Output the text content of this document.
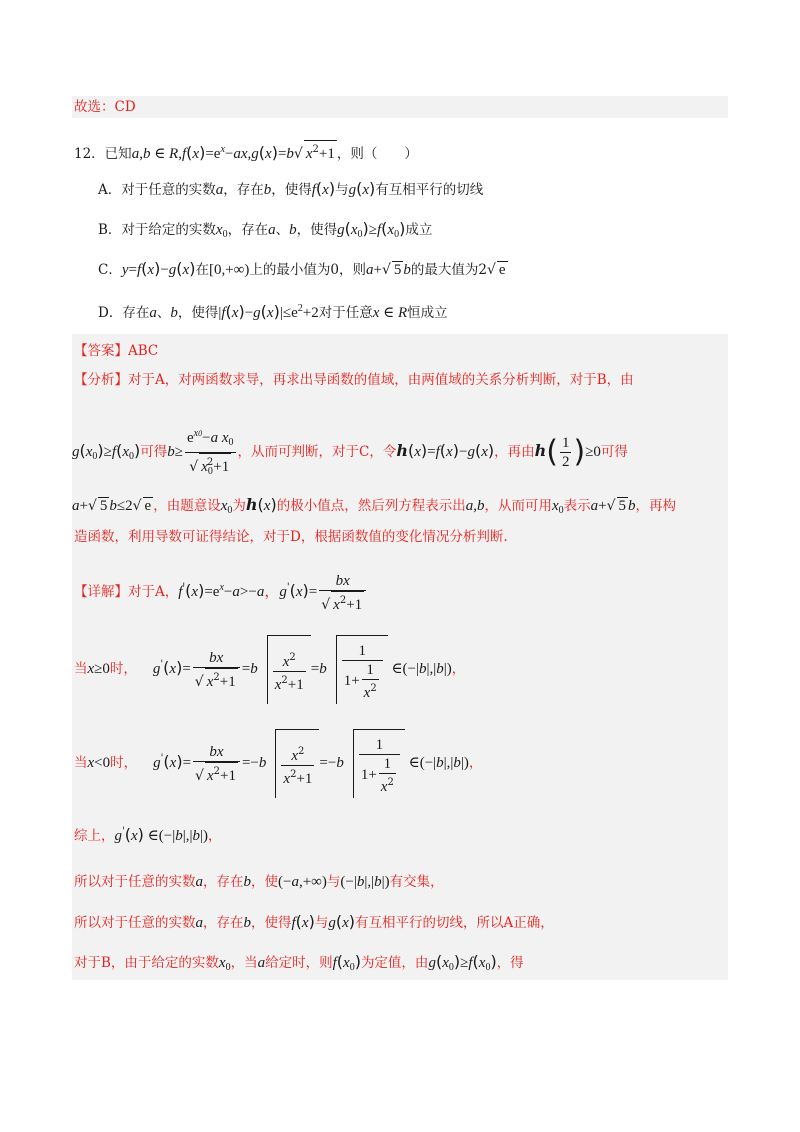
故选：CD
12．已知a,b ∈ $R,f(x)=e^x-ax,g(x)=b√$ $x^2+1$ ，则（　　）
A．对于任意的实数a，存在b，使得f(x)与g(x)有互相平行的切线
B．对于给定的实数$x_0$，存在a、b，使得$g(x_0)\ge f(x_0)$成立
C．y=f(x)−g(x)在[0,+∞)上的最小值为0，则a+√ 5 b的最大值为2√ e
D．存在a、b，使得$|f(x)-g(x)|\le e^2+2$对于任意x ∈ R恒成立
【答案】ABC
【分析】对于A，对两函数求导，再求出导函数的值域，由两值域的关系分析判断，对于B，由
$g(x_0)\ge f(x_0)$可得$b\ge \frac{e^{x0}-a x_0}{√ x_0^2+1}$ ，从而可判断，对于C，令h(x)=f(x)−g(x)，再由$h( \frac{1}{2} )\ge 0$可得
a+√ 5 b≤2√ e ，由题意设$x_0$为h(x)的极小值点，然后列方程表示出a,b，从而可用$x_0$表示a+√ 5 b，再构
造函数，利用导数可证得结论，对于D，根据函数值的变化情况分析判断.
【详解】对于A，$f'(x)=e^x-a>-a$，$g'(x)= \frac{bx}{√ x^2+1}$
当x≥0时， $g'(x)= \frac{bx}{√ x^2+1} =b \frac{x^2}{x^2+1} =b \frac{1}{1+ \frac{1}{x^2}}$ ∈(−|b|,|b|)，
当x<0时， $g'(x)= \frac{bx}{√ x^2+1} =-b \frac{x^2}{x^2+1} =-b \frac{1}{1+ \frac{1}{x^2}}$ ∈(−|b|,|b|)，
综上，g'(x) ∈(−|b|,|b|)，
所以对于任意的实数a，存在b，使(−a,+∞)与(−|b|,|b|)有交集，
所以对于任意的实数a，存在b，使得f(x)与g(x)有互相平行的切线，所以A正确，
对于B，由于给定的实数$x_0$，当a给定时，则$f(x_0)$为定值，由$g(x_0)\ge f(x_0)$，得
